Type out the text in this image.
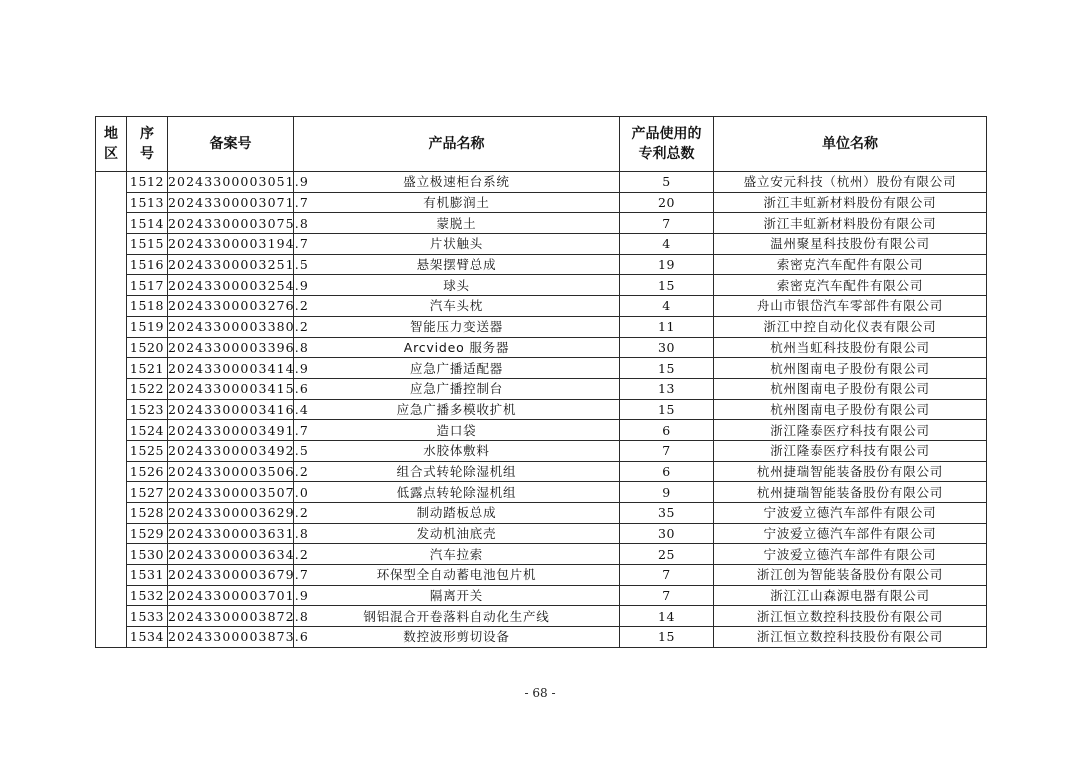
地区	序号	备案号	产品名称	产品使用的专利总数	单位名称
	1512	20243300003051.9	盛立极速柜台系统	5	盛立安元科技（杭州）股份有限公司
	1513	20243300003071.7	有机膨润土	20	浙江丰虹新材料股份有限公司
	1514	20243300003075.8	蒙脱土	7	浙江丰虹新材料股份有限公司
	1515	20243300003194.7	片状触头	4	温州聚星科技股份有限公司
	1516	20243300003251.5	悬架摆臂总成	19	索密克汽车配件有限公司
	1517	20243300003254.9	球头	15	索密克汽车配件有限公司
	1518	20243300003276.2	汽车头枕	4	舟山市银岱汽车零部件有限公司
	1519	20243300003380.2	智能压力变送器	11	浙江中控自动化仪表有限公司
	1520	20243300003396.8	Arcvideo 服务器	30	杭州当虹科技股份有限公司
	1521	20243300003414.9	应急广播适配器	15	杭州图南电子股份有限公司
	1522	20243300003415.6	应急广播控制台	13	杭州图南电子股份有限公司
	1523	20243300003416.4	应急广播多模收扩机	15	杭州图南电子股份有限公司
	1524	20243300003491.7	造口袋	6	浙江隆泰医疗科技有限公司
	1525	20243300003492.5	水胶体敷料	7	浙江隆泰医疗科技有限公司
	1526	20243300003506.2	组合式转轮除湿机组	6	杭州捷瑞智能装备股份有限公司
	1527	20243300003507.0	低露点转轮除湿机组	9	杭州捷瑞智能装备股份有限公司
	1528	20243300003629.2	制动踏板总成	35	宁波爱立德汽车部件有限公司
	1529	20243300003631.8	发动机油底壳	30	宁波爱立德汽车部件有限公司
	1530	20243300003634.2	汽车拉索	25	宁波爱立德汽车部件有限公司
	1531	20243300003679.7	环保型全自动蓄电池包片机	7	浙江创为智能装备股份有限公司
	1532	20243300003701.9	隔离开关	7	浙江江山森源电器有限公司
	1533	20243300003872.8	钢铝混合开卷落料自动化生产线	14	浙江恒立数控科技股份有限公司
	1534	20243300003873.6	数控波形剪切设备	15	浙江恒立数控科技股份有限公司
- 68 -
